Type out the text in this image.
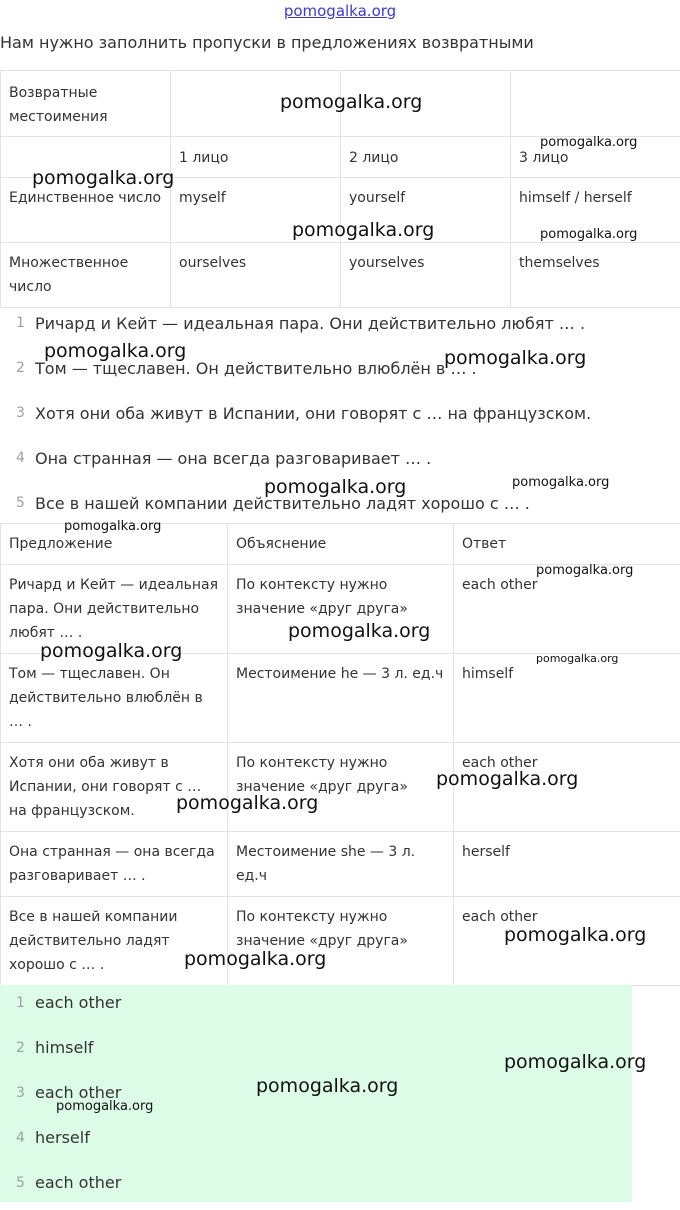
pomogalka.org
Нам нужно заполнить пропуски в предложениях возвратными
Возвратные местоимения			
	1 лицо	2 лицо	3 лицо
Единственное число	myself	yourself	himself / herself
Множественное число	ourselves	yourselves	themselves
1 Ричард и Кейт — идеальная пара. Они действительно любят … .
2 Том — тщеславен. Он действительно влюблён в … .
3 Хотя они оба живут в Испании, они говорят с … на французском.
4 Она странная — она всегда разговаривает … .
5 Все в нашей компании действительно ладят хорошо с … .
Предложение	Объяснение	Ответ
Ричард и Кейт — идеальная пара. Они действительно любят … .	По контексту нужно значение «друг друга»	each other
Том — тщеславен. Он действительно влюблён в … .	Местоимение he — 3 л. ед.ч	himself
Хотя они оба живут в Испании, они говорят с … на французском.	По контексту нужно значение «друг друга»	each other
Она странная — она всегда разговаривает … .	Местоимение she — 3 л. ед.ч	herself
Все в нашей компании действительно ладят хорошо с … .	По контексту нужно значение «друг друга»	each other
1 each other
2 himself
3 each other
4 herself
5 each other
pomogalka.org
pomogalka.org
pomogalka.org
pomogalka.org	pomogalka.org
pomogalka.org	pomogalka.org
pomogalka.org	pomogalka.org
pomogalka.org
pomogalka.org
pomogalka.org
pomogalka.org	pomogalka.org
pomogalka.org
pomogalka.org
pomogalka.org
pomogalka.org
pomogalka.org
pomogalka.org
pomogalka.org
